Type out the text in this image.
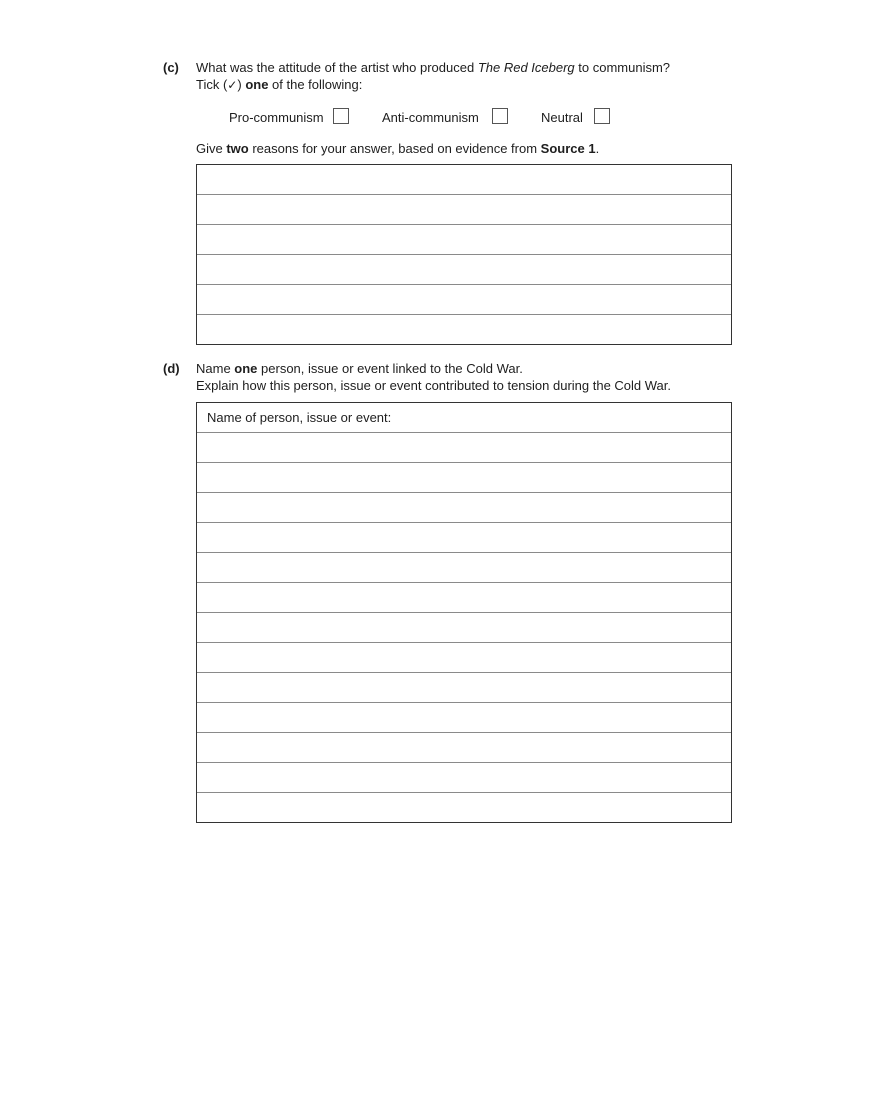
(c) What was the attitude of the artist who produced The Red Iceberg to communism?
Tick (✓) one of the following:
Pro-communism	Anti-communism	Neutral
Give two reasons for your answer, based on evidence from Source 1.
(d) Name one person, issue or event linked to the Cold War.
Explain how this person, issue or event contributed to tension during the Cold War.
Name of person, issue or event:
